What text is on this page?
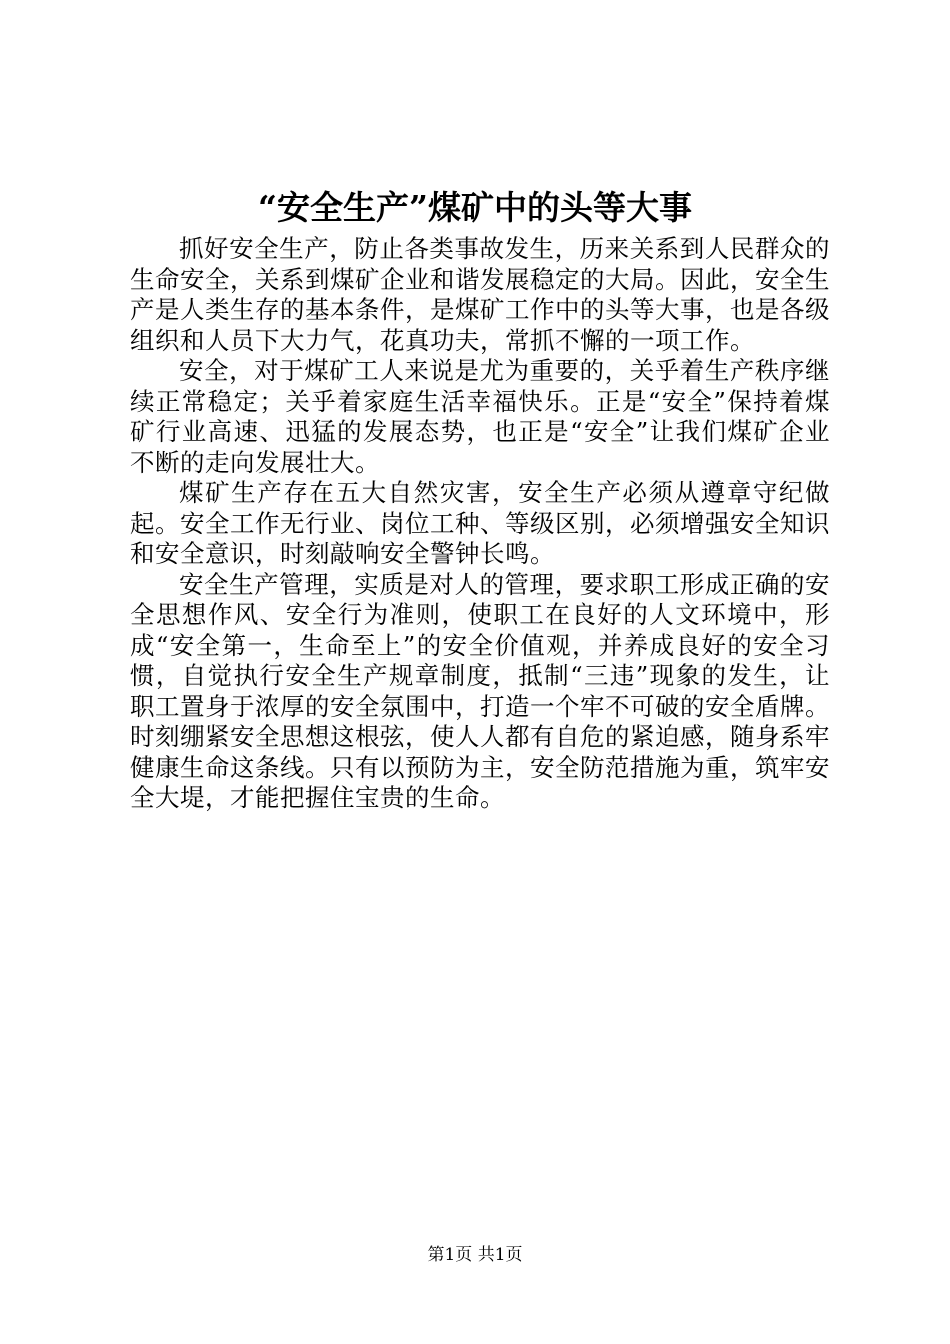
“安全生产”煤矿中的头等大事

抓好安全生产，防止各类事故发生，历来关系到人民群众的生命安全，关系到煤矿企业和谐发展稳定的大局。因此，安全生产是人类生存的基本条件，是煤矿工作中的头等大事，也是各级组织和人员下大力气，花真功夫，常抓不懈的一项工作。

安全，对于煤矿工人来说是尤为重要的，关乎着生产秩序继续正常稳定；关乎着家庭生活幸福快乐。正是“安全”保持着煤矿行业高速、迅猛的发展态势，也正是“安全”让我们煤矿企业不断的走向发展壮大。

煤矿生产存在五大自然灾害，安全生产必须从遵章守纪做起。安全工作无行业、岗位工种、等级区别，必须增强安全知识和安全意识，时刻敲响安全警钟长鸣。

安全生产管理，实质是对人的管理，要求职工形成正确的安全思想作风、安全行为准则，使职工在良好的人文环境中，形成“安全第一，生命至上”的安全价值观，并养成良好的安全习惯，自觉执行安全生产规章制度，抵制“三违”现象的发生，让职工置身于浓厚的安全氛围中，打造一个牢不可破的安全盾牌。时刻绷紧安全思想这根弦，使人人都有自危的紧迫感，随身系牢健康生命这条线。只有以预防为主，安全防范措施为重，筑牢安全大堤，才能把握住宝贵的生命。

第1页 共1页
